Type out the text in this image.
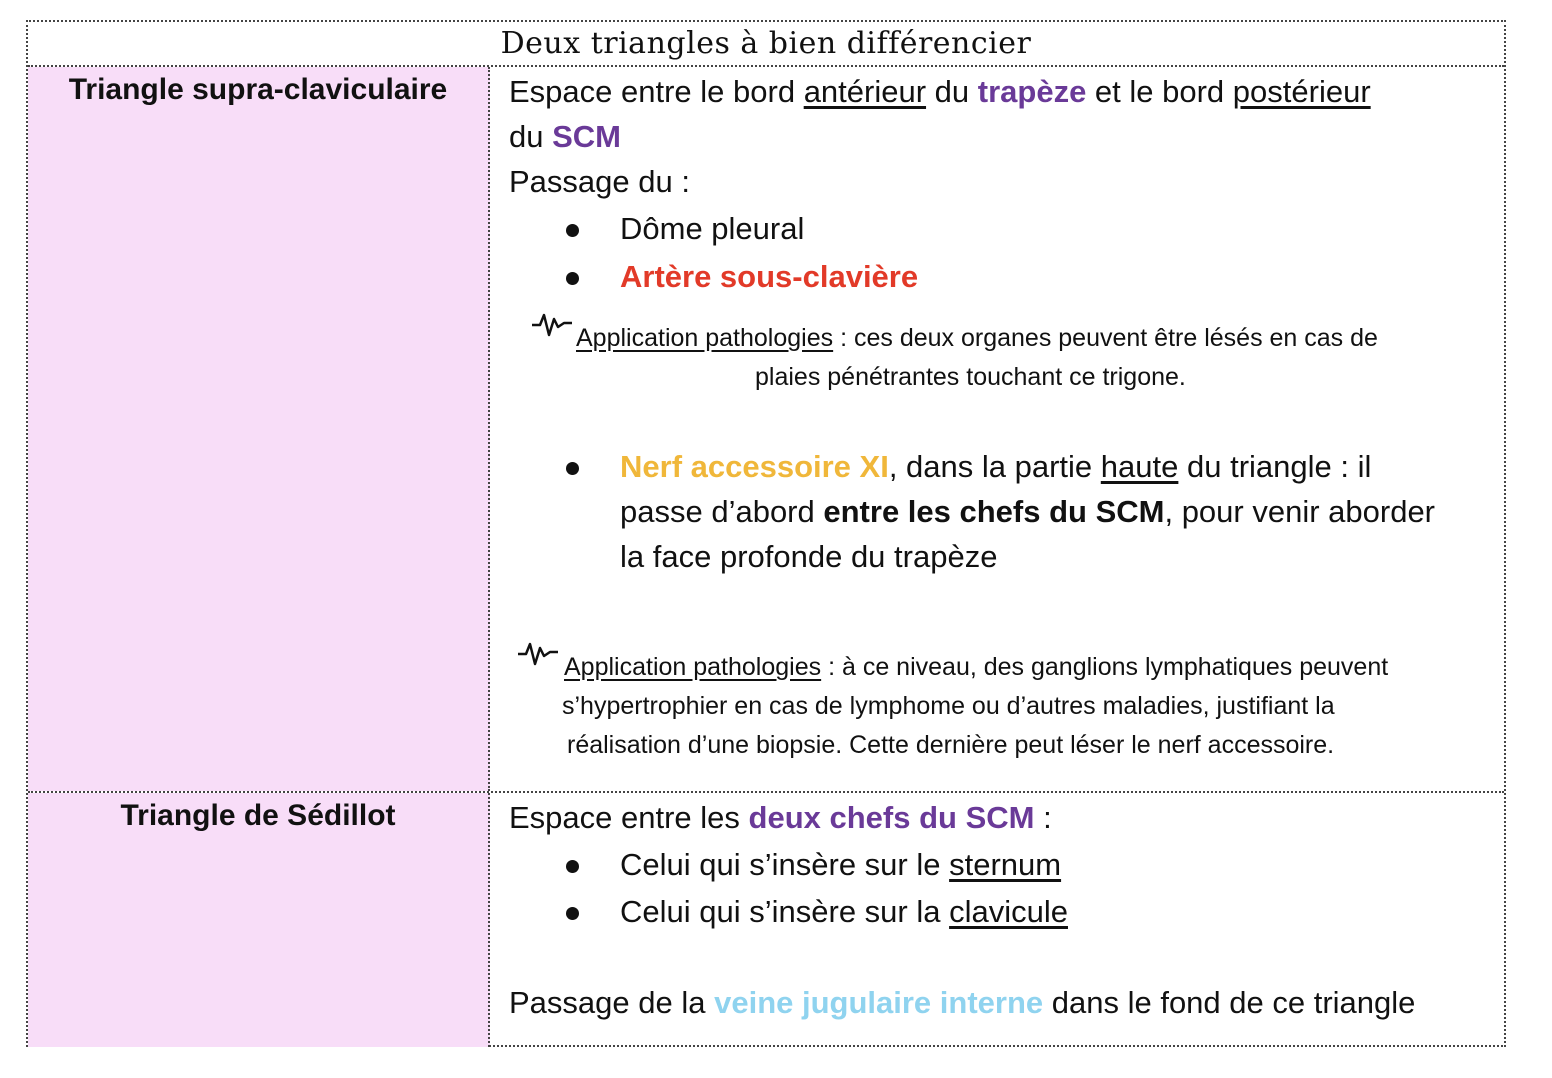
Deux triangles à bien différencier
Triangle supra-claviculaire	Espace entre le bord antérieur du trapèze et le bord postérieur
du SCM
Passage du :
Dôme pleural
Artère sous-clavière
Application pathologies : ces deux organes peuvent être lésés en cas de
plaies pénétrantes touchant ce trigone.
Nerf accessoire XI, dans la partie haute du triangle : il
passe d’abord entre les chefs du SCM, pour venir aborder
la face profonde du trapèze
Application pathologies : à ce niveau, des ganglions lymphatiques peuvent
s’hypertrophier en cas de lymphome ou d’autres maladies, justifiant la
réalisation d’une biopsie. Cette dernière peut léser le nerf accessoire.
Triangle de Sédillot	Espace entre les deux chefs du SCM :
Celui qui s’insère sur le sternum
Celui qui s’insère sur la clavicule
Passage de la veine jugulaire interne dans le fond de ce triangle
